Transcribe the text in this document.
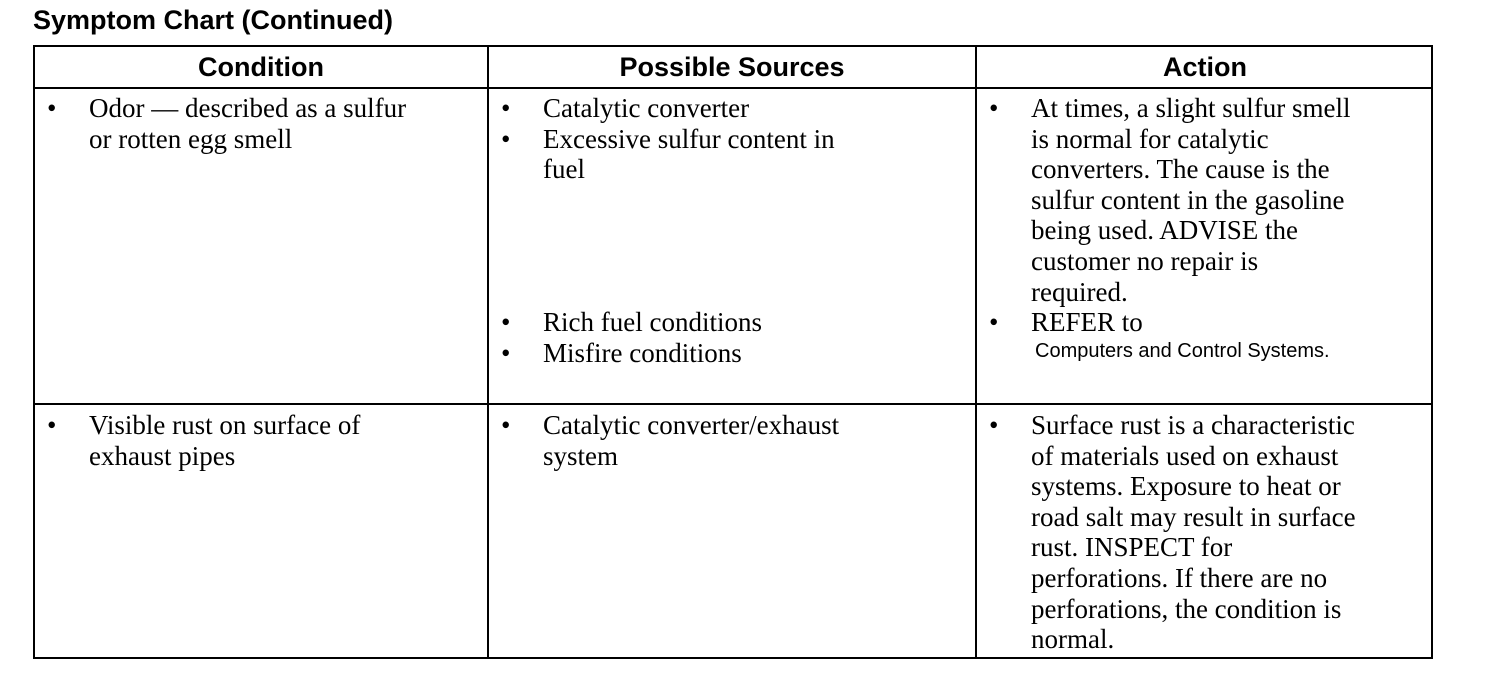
Symptom Chart (Continued)
Condition	Possible Sources	Action
• Odor — described as a sulfur
or rotten egg smell
• Catalytic converter
• Excessive sulfur content in
fuel
• Rich fuel conditions
• Misfire conditions
• At times, a slight sulfur smell
is normal for catalytic
converters. The cause is the
sulfur content in the gasoline
being used. ADVISE the
customer no repair is
required.
• REFER to
Computers and Control Systems.
• Visible rust on surface of
exhaust pipes
• Catalytic converter/exhaust
system
• Surface rust is a characteristic
of materials used on exhaust
systems. Exposure to heat or
road salt may result in surface
rust. INSPECT for
perforations. If there are no
perforations, the condition is
normal.
